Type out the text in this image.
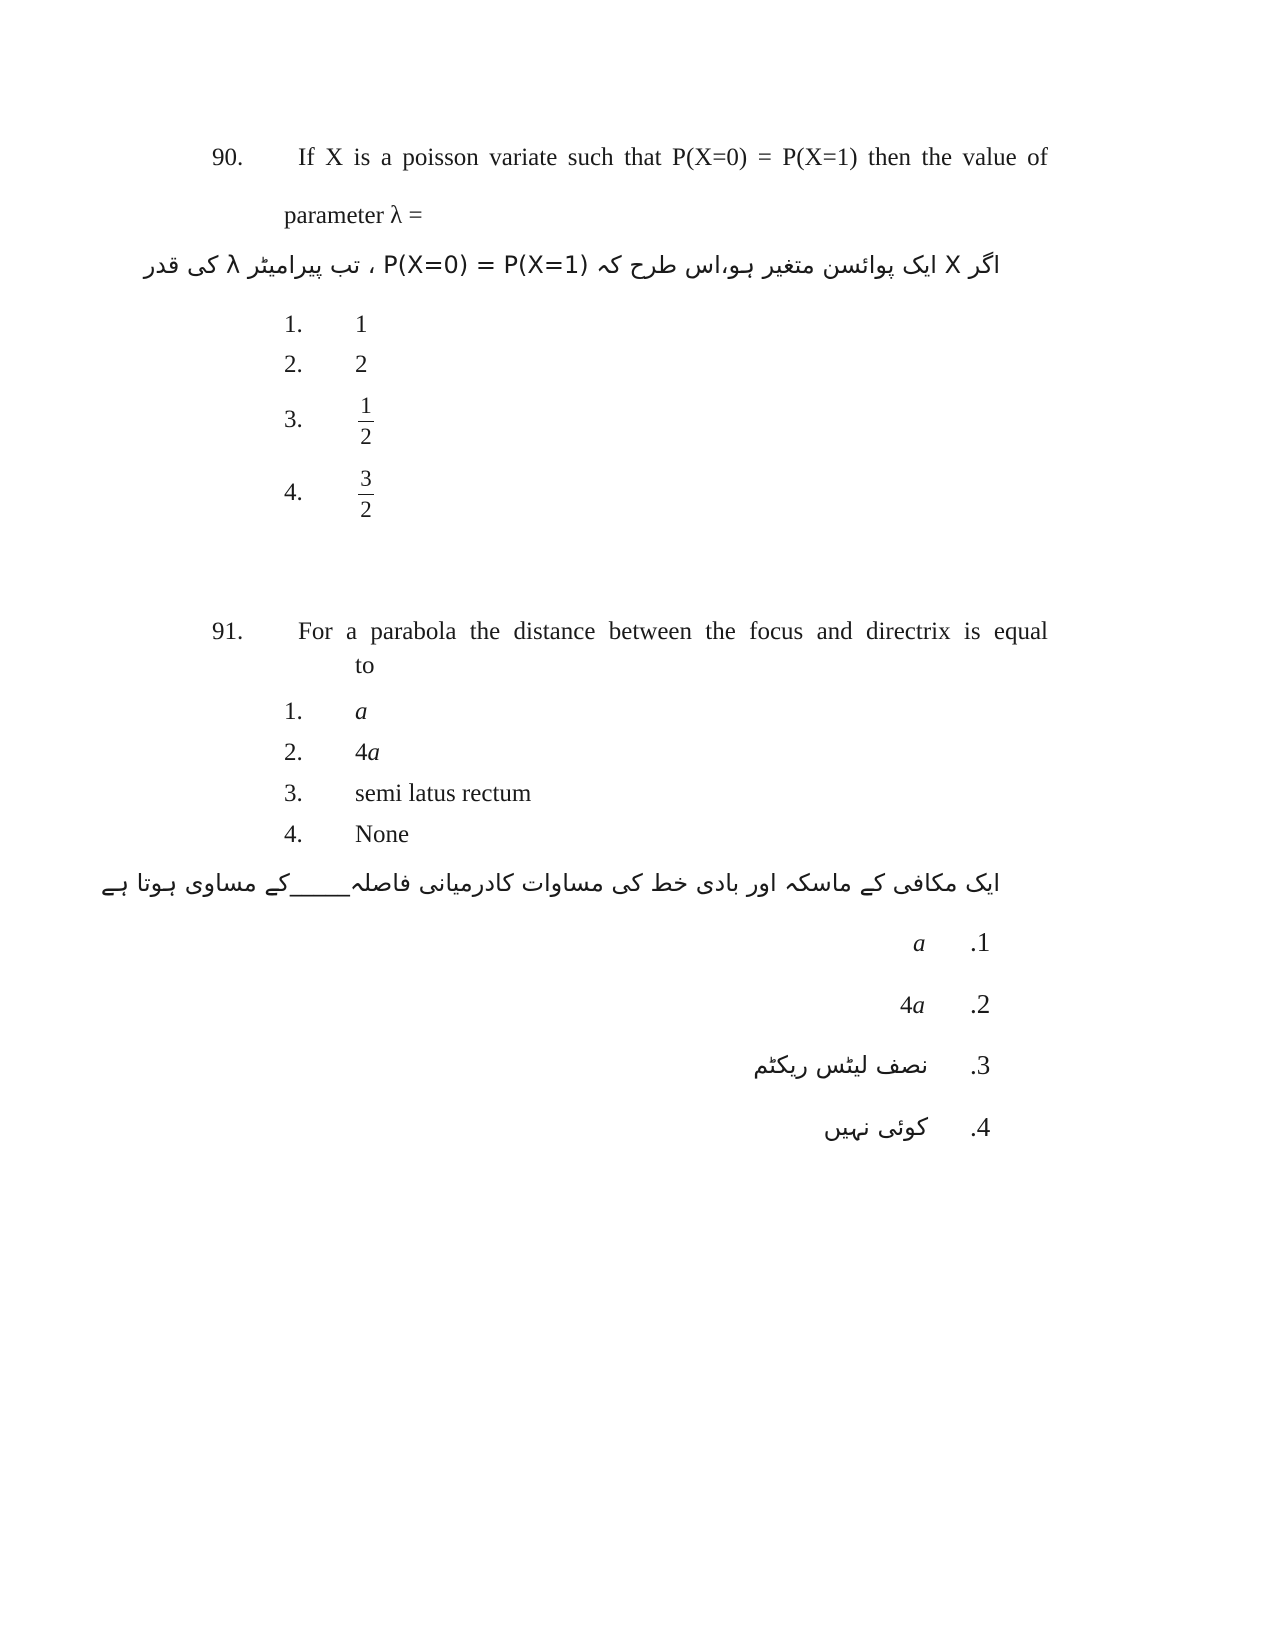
90. If X is a poisson variate such that P(X=0) = P(X=1) then the value of
parameter λ =
اگر X ایک پوائسن متغیر ہو،اس طرح کہ P(X=0) = P(X=1) ، تب پیرامیٹر λ کی قدر
1. 1
2. 2
3.
1
2
4.
3
2
91. For a parabola the distance between the focus and directrix is equal
to
1. a
2. 4a
3. semi latus rectum
4. None
ایک مکافی کے ماسکہ اور بادی خط کی مساوات کادرمیانی فاصلہ_____کے مساوی ہوتا ہے
.1
a
.2
4a
.3
نصف لیٹس ریکٹم
.4
کوئی نہیں
